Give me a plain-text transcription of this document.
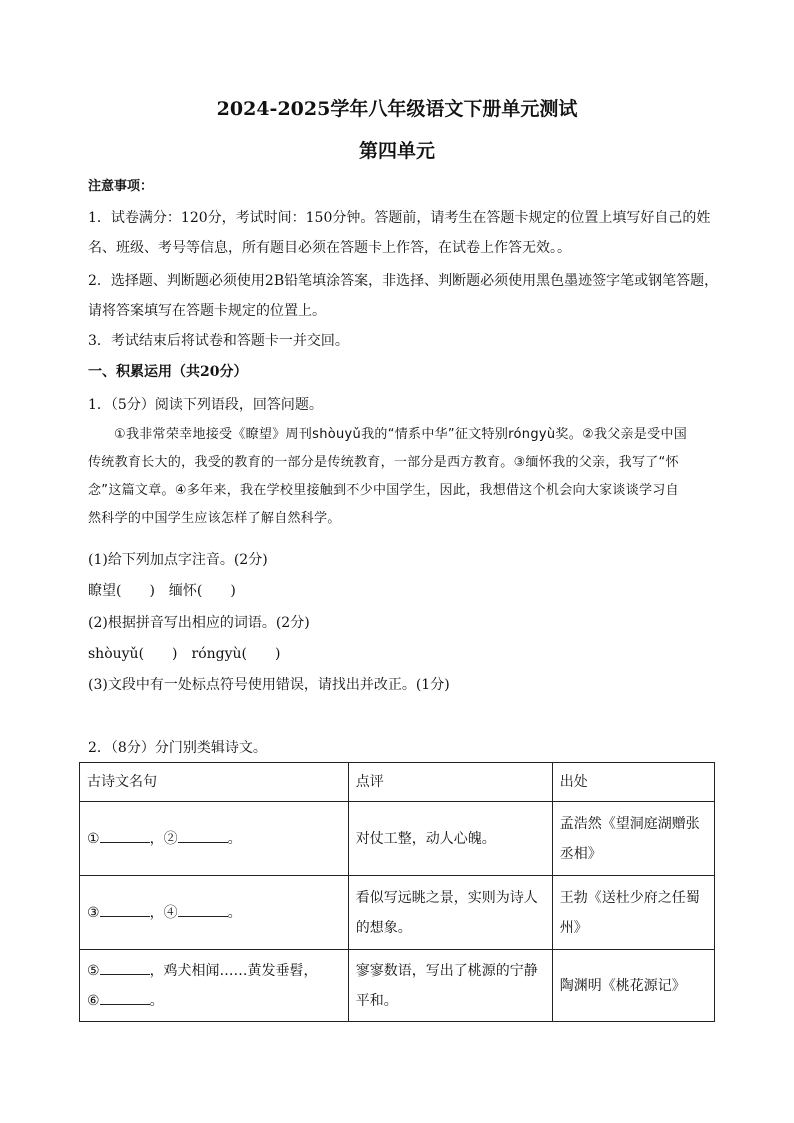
2024-2025学年八年级语文下册单元测试
第四单元
注意事项：
1．试卷满分：120分，考试时间：150分钟。答题前，请考生在答题卡规定的位置上填写好自己的姓
名、班级、考号等信息，所有题目必须在答题卡上作答，在试卷上作答无效。。
2．选择题、判断题必须使用2B铅笔填涂答案，非选择、判断题必须使用黑色墨迹签字笔或钢笔答题，
请将答案填写在答题卡规定的位置上。
3．考试结束后将试卷和答题卡一并交回。
一、积累运用（共20分）
1．（5分）阅读下列语段，回答问题。

①我非常荣幸地接受《瞭望》周刊shòuyǔ我的“情系中华”征文特别róngyù奖。②我父亲是受中国

传统教育长大的，我受的教育的一部分是传统教育，一部分是西方教育。③缅怀我的父亲，我写了“怀

念”这篇文章。④多年来，我在学校里接触到不少中国学生，因此，我想借这个机会向大家谈谈学习自

然科学的中国学生应该怎样了解自然科学。

(1)给下列加点字注音。(2分)
瞭望(　　)　缅怀(　　)
(2)根据拼音写出相应的词语。(2分)
shòuyǔ(　　)　róngyù(　　)
(3)文段中有一处标点符号使用错误，请找出并改正。(1分)
2．（8分）分门别类辑诗文。
古诗文名句	点评	出处
① ，② 。	对仗工整，动人心魄。	孟浩然《望洞庭湖赠张丞相》
③ ，④ 。	看似写远眺之景，实则为诗人的想象。	王勃《送杜少府之任蜀州》
⑤ ，鸡犬相闻……黄发垂髫，
⑥ 。	寥寥数语，写出了桃源的宁静平和。	陶渊明《桃花源记》
